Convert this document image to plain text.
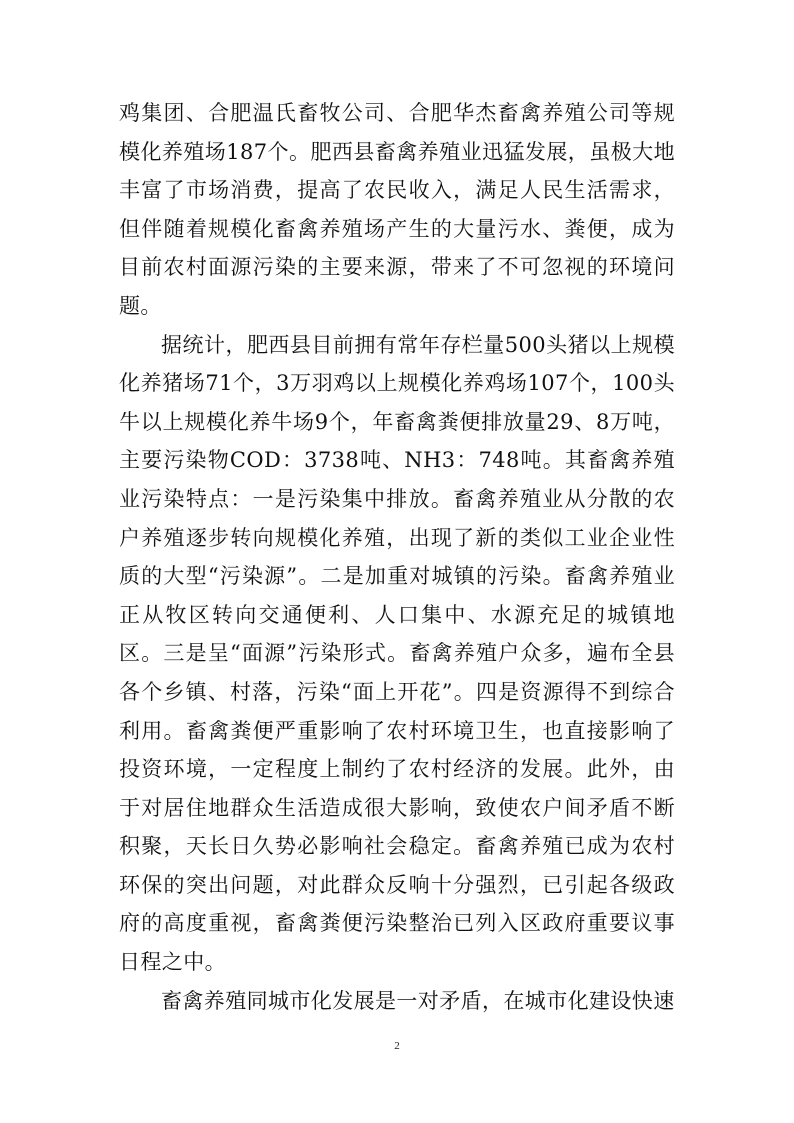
鸡集团、合肥温氏畜牧公司、合肥华杰畜禽养殖公司等规模化养殖场187个。肥西县畜禽养殖业迅猛发展，虽极大地丰富了市场消费，提高了农民收入，满足人民生活需求，但伴随着规模化畜禽养殖场产生的大量污水、粪便，成为目前农村面源污染的主要来源，带来了不可忽视的环境问题。

据统计，肥西县目前拥有常年存栏量500头猪以上规模化养猪场71个，3万羽鸡以上规模化养鸡场107个，100头牛以上规模化养牛场9个，年畜禽粪便排放量29、8万吨，主要污染物COD：3738吨、NH3：748吨。其畜禽养殖业污染特点：一是污染集中排放。畜禽养殖业从分散的农户养殖逐步转向规模化养殖，出现了新的类似工业企业性质的大型“污染源”。二是加重对城镇的污染。畜禽养殖业正从牧区转向交通便利、人口集中、水源充足的城镇地区。三是呈“面源”污染形式。畜禽养殖户众多，遍布全县各个乡镇、村落，污染“面上开花”。四是资源得不到综合利用。畜禽粪便严重影响了农村环境卫生，也直接影响了投资环境，一定程度上制约了农村经济的发展。此外，由于对居住地群众生活造成很大影响，致使农户间矛盾不断积聚，天长日久势必影响社会稳定。畜禽养殖已成为农村环保的突出问题，对此群众反响十分强烈，已引起各级政府的高度重视，畜禽粪便污染整治已列入区政府重要议事日程之中。

畜禽养殖同城市化发展是一对矛盾，在城市化建设快速

2
